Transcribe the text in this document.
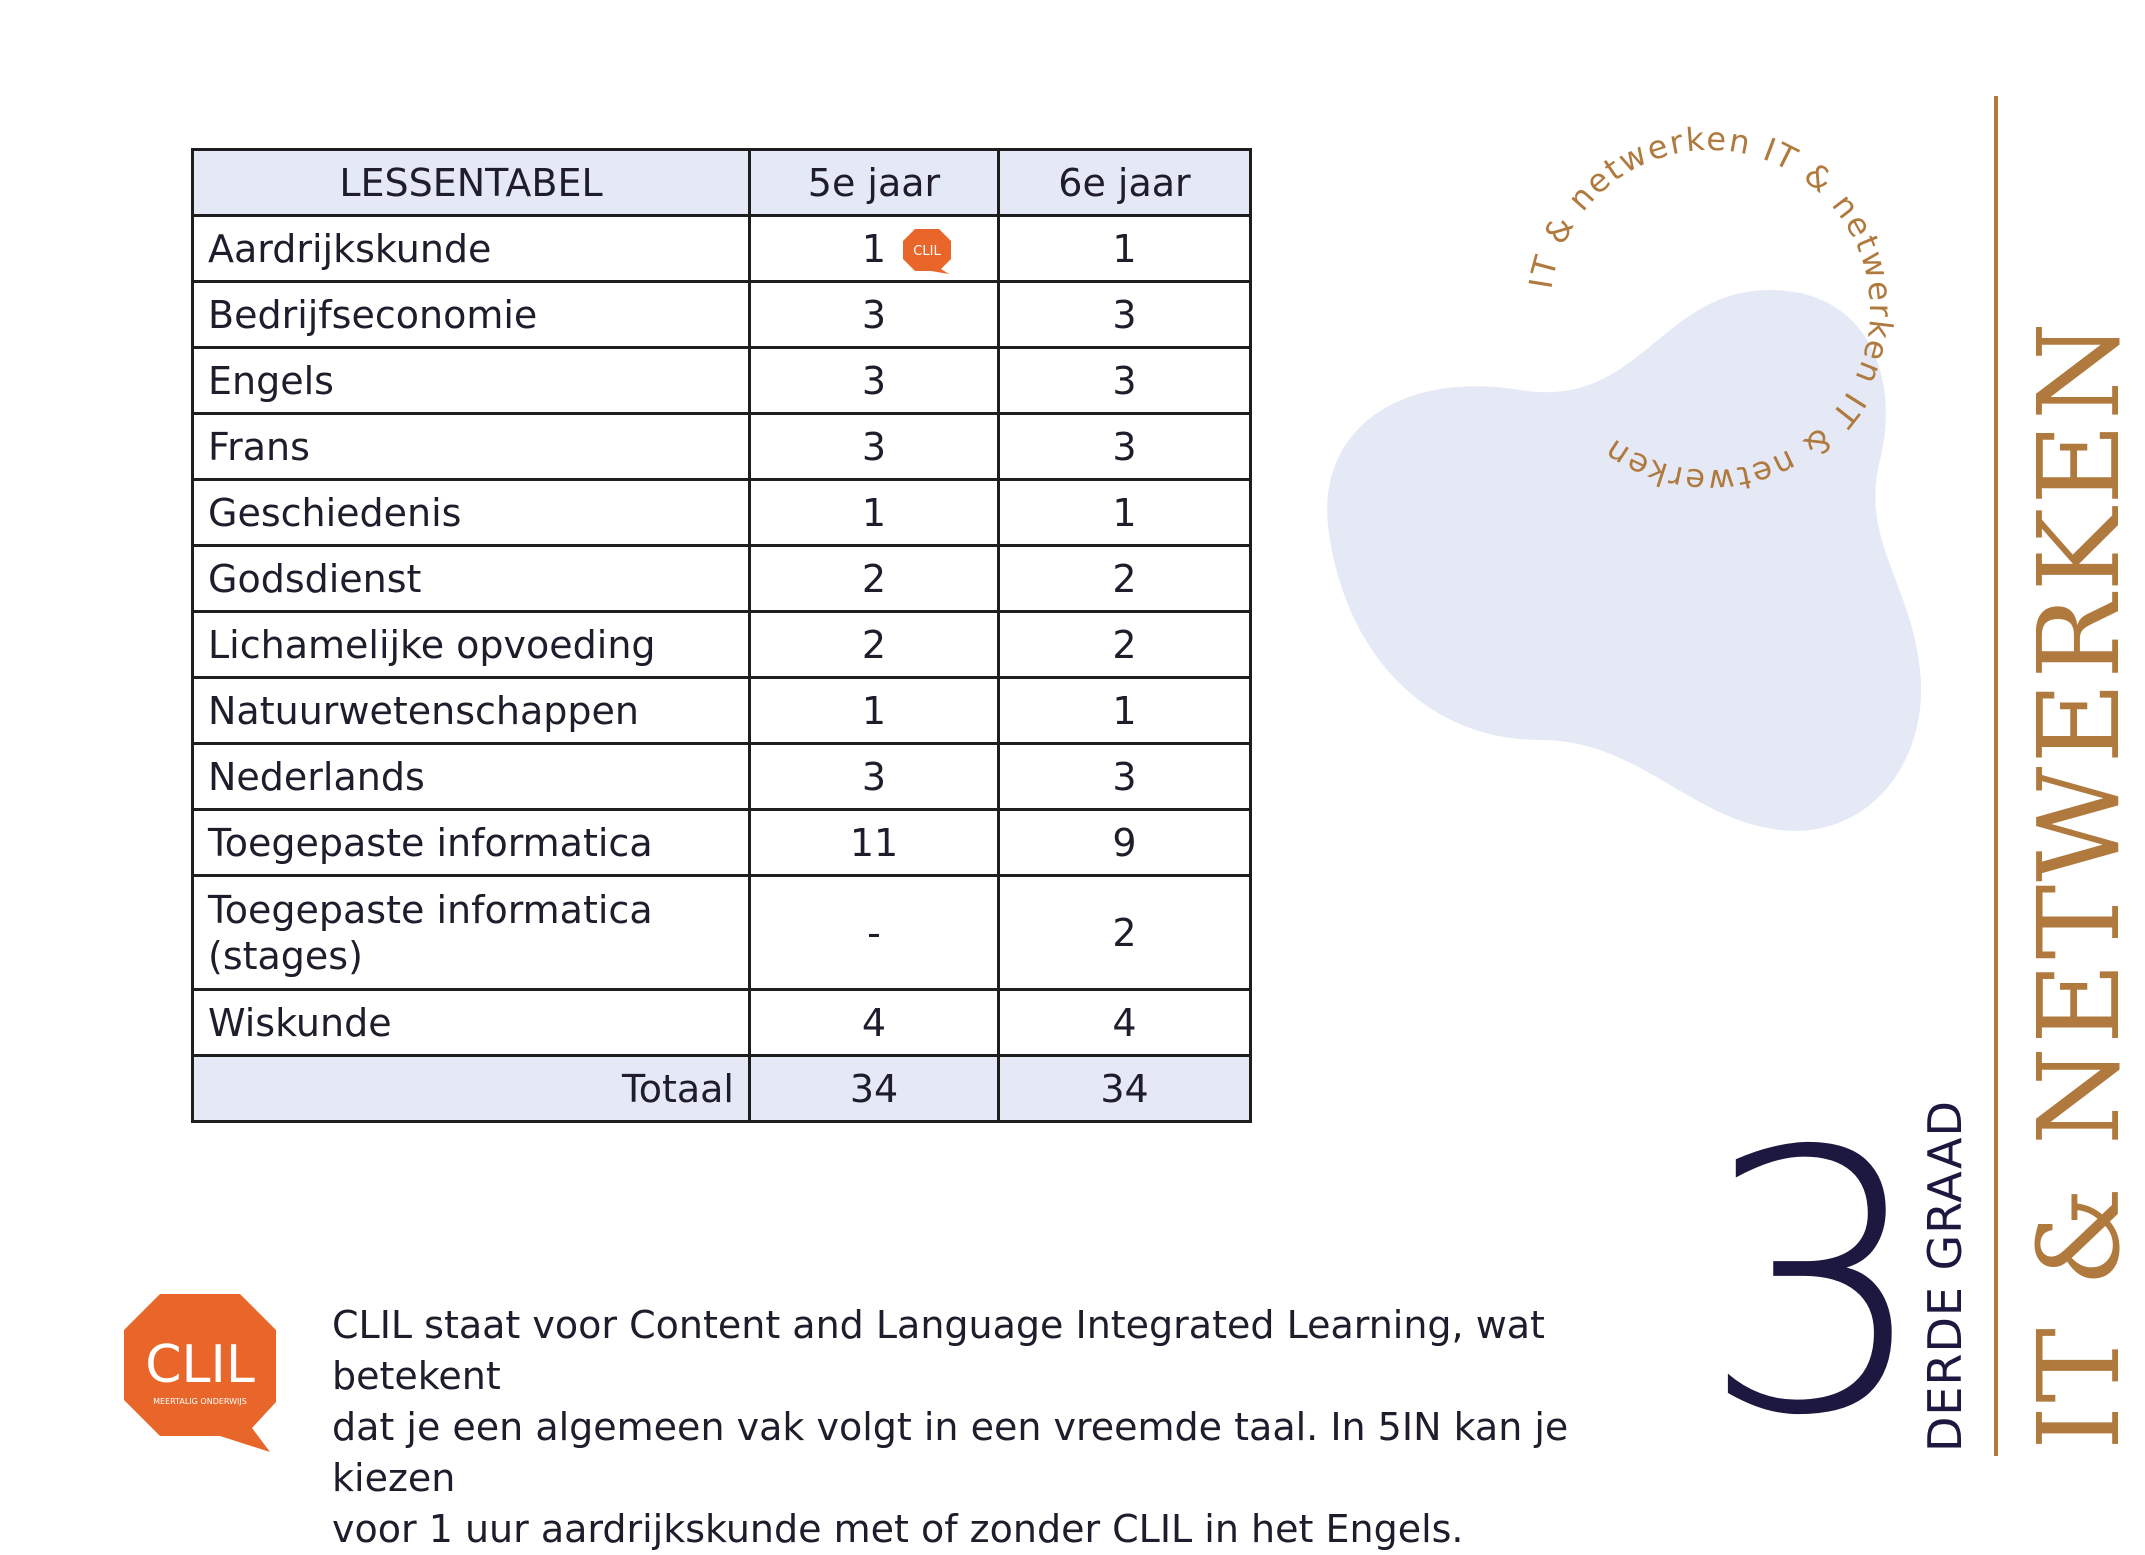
LESSENTABEL	5e jaar	6e jaar
Aardrijkskunde	1 CLIL	1
Bedrijfseconomie	3	3
Engels	3	3
Frans	3	3
Geschiedenis	1	1
Godsdienst	2	2
Lichamelijke opvoeding	2	2
Natuurwetenschappen	1	1
Nederlands	3	3
Toegepaste informatica	11	9

Toegepaste informatica
(stages)	-	2
Wiskunde	4	4
Totaal	34	34
IT & netwerken IT & netwerken IT & netwerken
3
DERDE GRAAD IT & NETWERKEN
CLIL
MEERTALIG ONDERWIJS
CLIL staat voor Content and Language Integrated Learning, wat betekent
dat je een algemeen vak volgt in een vreemde taal. In 5IN kan je kiezen
voor 1 uur aardrijkskunde met of zonder CLIL in het Engels.
